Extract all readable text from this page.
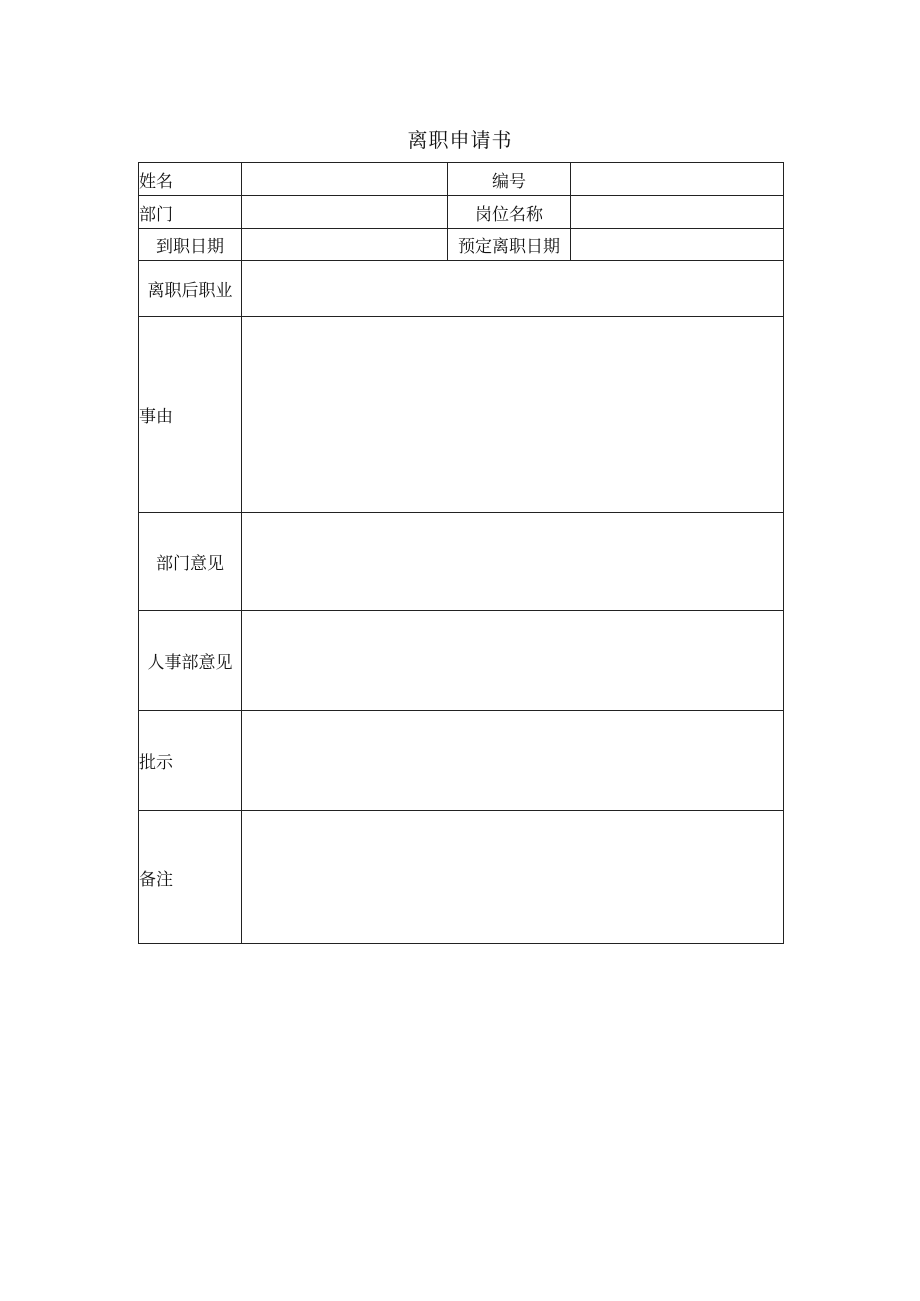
离职申请书
姓名		编号	
部门		岗位名称	
到职日期		预定离职日期	
离职后职业			
事由			
部门意见			
人事部意见			
批示			
备注			
